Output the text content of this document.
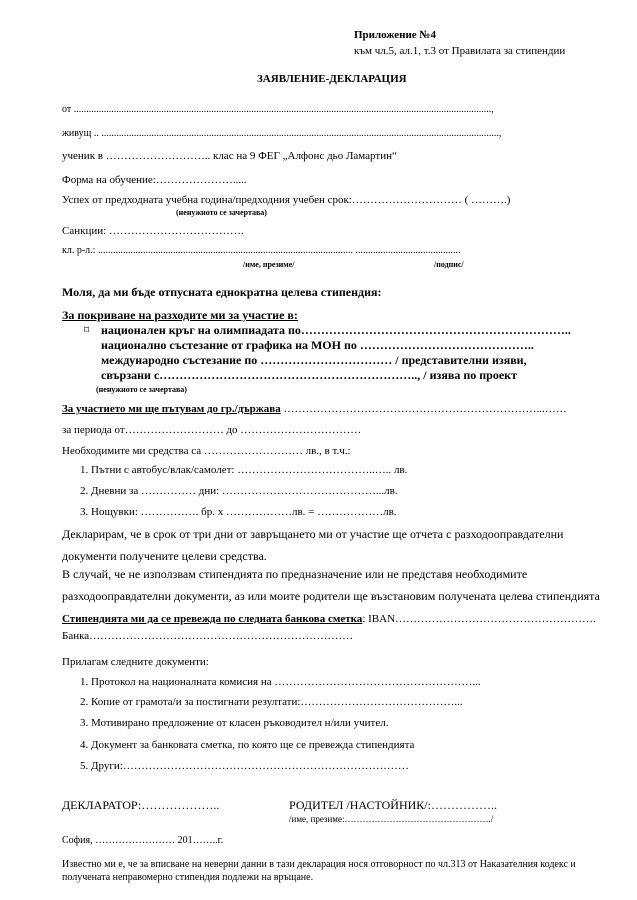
Приложение №4
към чл.5, ал.1, т.3 от Правилата за стипендии
ЗАЯВЛЕНИЕ-ДЕКЛАРАЦИЯ
от .......................................................................................................................................................................,
живущ .. ...............................................................................................................................................................,
ученик в ……………………….. клас на 9 ФЕГ „Алфонс дьо Ламартин“
Форма на обучение:………………….....
Успех от предходната учебна година/предходния учебен срок:………………………… ( ……….)
(ненужното се зачертава)
Санкции: ……………………………….
кл. р-л.: ...................................................................................................... ..........................................
/име, презиме/	/подпис/
Моля, да ми бъде отпусната еднократна целева стипендия:
За покриване на разходите ми за участие в:
⌑ национален кръг на олимпиадата по…………………………………………………………..
национално състезание от графика на МОН по ……………………………………..
международно състезание по …………………………… / представителни изяви,
свързани с……………………………………………………….., / изява по проект
(ненужното се зачертава)
За участието ми ще пътувам до гр./държава ……………………………………………………………...……
за периода от……………………… до ……………………………
Необходимите ми средства са ……………………… лв., в т.ч.:
1. Пътни с автобус/влак/самолет: ………………………………..….. лв.
2. Дневни за …………… дни: ……………………………………...лв.
3. Нощувки: ……………. бр. х ………………лв. = ………………лв.
Декларирам, че в срок от три дни от завръщането ми от участие ще отчета с разходооправдателни документи получените целеви средства.
В случай, че не използвам стипендията по предназначение или не представя необходимите разходооправдателни документи, аз или моите родители ще възстановим получената целева стипендията
Стипендията ми да се превежда по следната банкова сметка: IBAN……………………………………………….
Банка………………………………………………………………
Прилагам следните документи:
1. Протокол на националната комисия на ………………………………………………...
2. Копие от грамота/и за постигнати резултати:……………………………………...
3. Мотивирано предложение от класен ръководител н/или учител.
4. Документ за банковата сметка, по която ще се превежда стипендията
5. Други:……………………………………………………………………
ДЕКЛАРАТОР:………………..	РОДИТЕЛ /НАСТОЙНИК/:……………..
/име, презиме:…………………………………………./
София, …………………… 201……..г.
Известно ми е, че за вписване на неверни данни в тази декларация нося отговорност по чл.313 от Наказателния кодекс и получената неправомерно стипендия подлежи на връщане.
